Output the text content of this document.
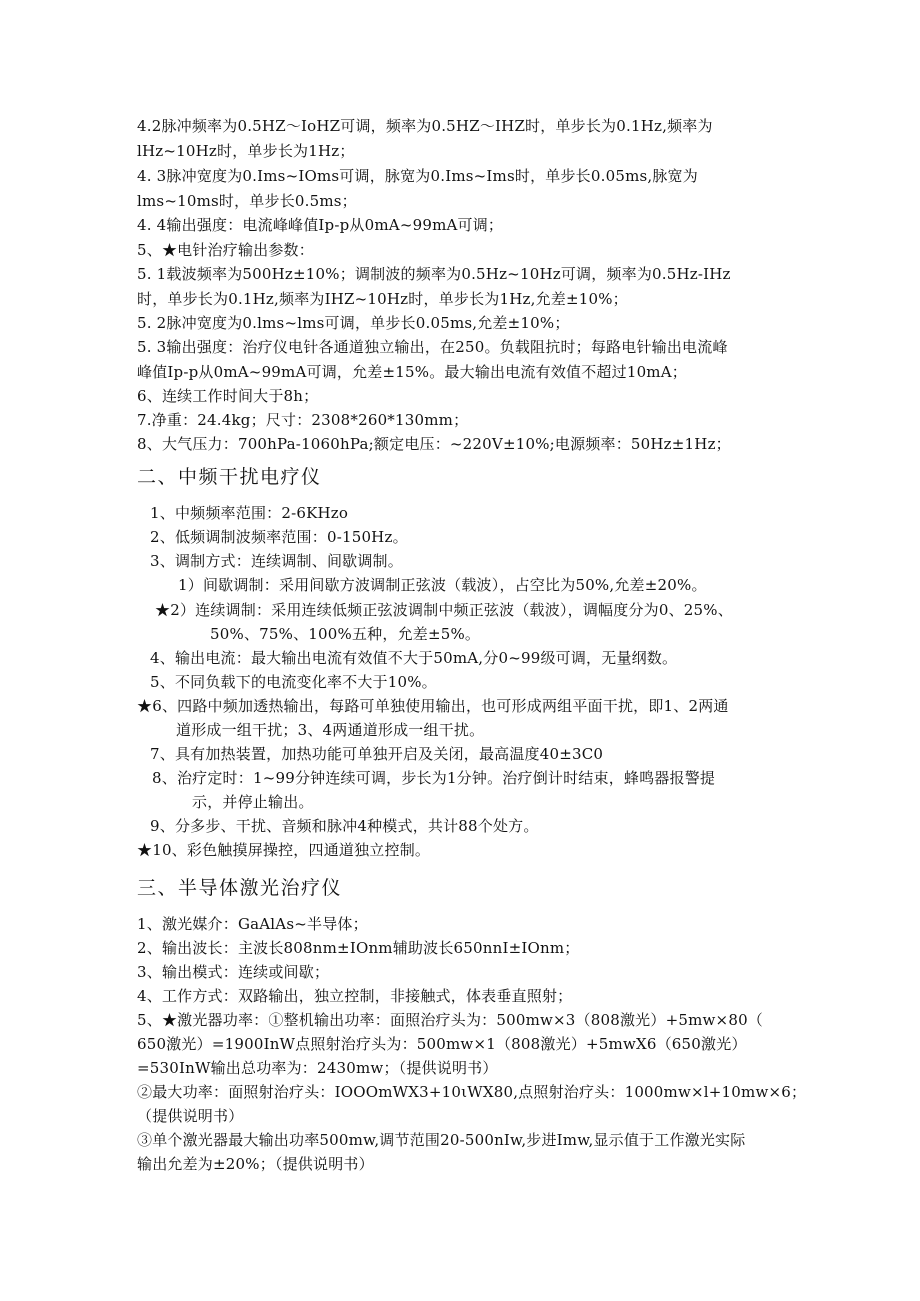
4.2脉冲频率为0.5HZ～IoHZ可调，频率为0.5HZ～IHZ时，单步长为0.1Hz,频率为
lHz~10Hz时，单步长为1Hz；
4. 3脉冲宽度为0.Ims~IOms可调，脉宽为0.Ims~Ims时，单步长0.05ms,脉宽为
lms~10ms时，单步长0.5ms；
4. 4输出强度：电流峰峰值Ip-p从0mA~99mA可调；
5、★电针治疗输出参数：
5. 1载波频率为500Hz±10%；调制波的频率为0.5Hz~10Hz可调，频率为0.5Hz-IHz
时，单步长为0.1Hz,频率为IHZ~10Hz时，单步长为1Hz,允差±10%；
5. 2脉冲宽度为0.lms~lms可调，单步长0.05ms,允差±10%；
5. 3输出强度：治疗仪电针各通道独立输出，在250。负载阻抗时；每路电针输出电流峰
峰值Ip-p从0mA~99mA可调，允差±15%。最大输出电流有效值不超过10mA；
6、连续工作时间大于8h；
7.净重：24.4kg；尺寸：2308*260*130mm；
8、大气压力：700hPa-1060hPa;额定电压：~220V±10%;电源频率：50Hz±1Hz；
二、中频干扰电疗仪
1、中频频率范围：2-6KHzo
2、低频调制波频率范围：0-150Hz。
3、调制方式：连续调制、间歇调制。
1）间歇调制：采用间歇方波调制正弦波（载波），占空比为50%,允差±20%。
★2）连续调制：采用连续低频正弦波调制中频正弦波（载波），调幅度分为0、25%、
50%、75%、100%五种，允差±5%。
4、输出电流：最大输出电流有效值不大于50mA,分0~99级可调，无量纲数。
5、不同负载下的电流变化率不大于10%。
★6、四路中频加透热输出，每路可单独使用输出，也可形成两组平面干扰，即1、2两通
道形成一组干扰；3、4两通道形成一组干扰。
7、具有加热装置，加热功能可单独开启及关闭，最高温度40±3C0
8、治疗定时：1~99分钟连续可调，步长为1分钟。治疗倒计时结束，蜂鸣器报警提
示，并停止输出。
9、分多步、干扰、音频和脉冲4种模式，共计88个处方。
★10、彩色触摸屏操控，四通道独立控制。
三、半导体激光治疗仪
1、激光媒介：GaAlAs~半导体；
2、输出波长：主波长808nm±IOnm辅助波长650nnI±IOnm；
3、输出模式：连续或间歇；
4、工作方式：双路输出，独立控制，非接触式，体表垂直照射；
5、★激光器功率：①整机输出功率：面照治疗头为：500mw×3（808激光）+5mw×80（
650激光）=1900InW点照射治疗头为：500mw×1（808激光）+5mwX6（650激光）
=530InW输出总功率为：2430mw；（提供说明书）
②最大功率：面照射治疗头：IOOOmWX3+10ιWX80,点照射治疗头：1000mw×l+10mw×6；
（提供说明书）
③单个激光器最大输出功率500mw,调节范围20-500nIw,步进Imw,显示值于工作激光实际
输出允差为±20%；（提供说明书）
